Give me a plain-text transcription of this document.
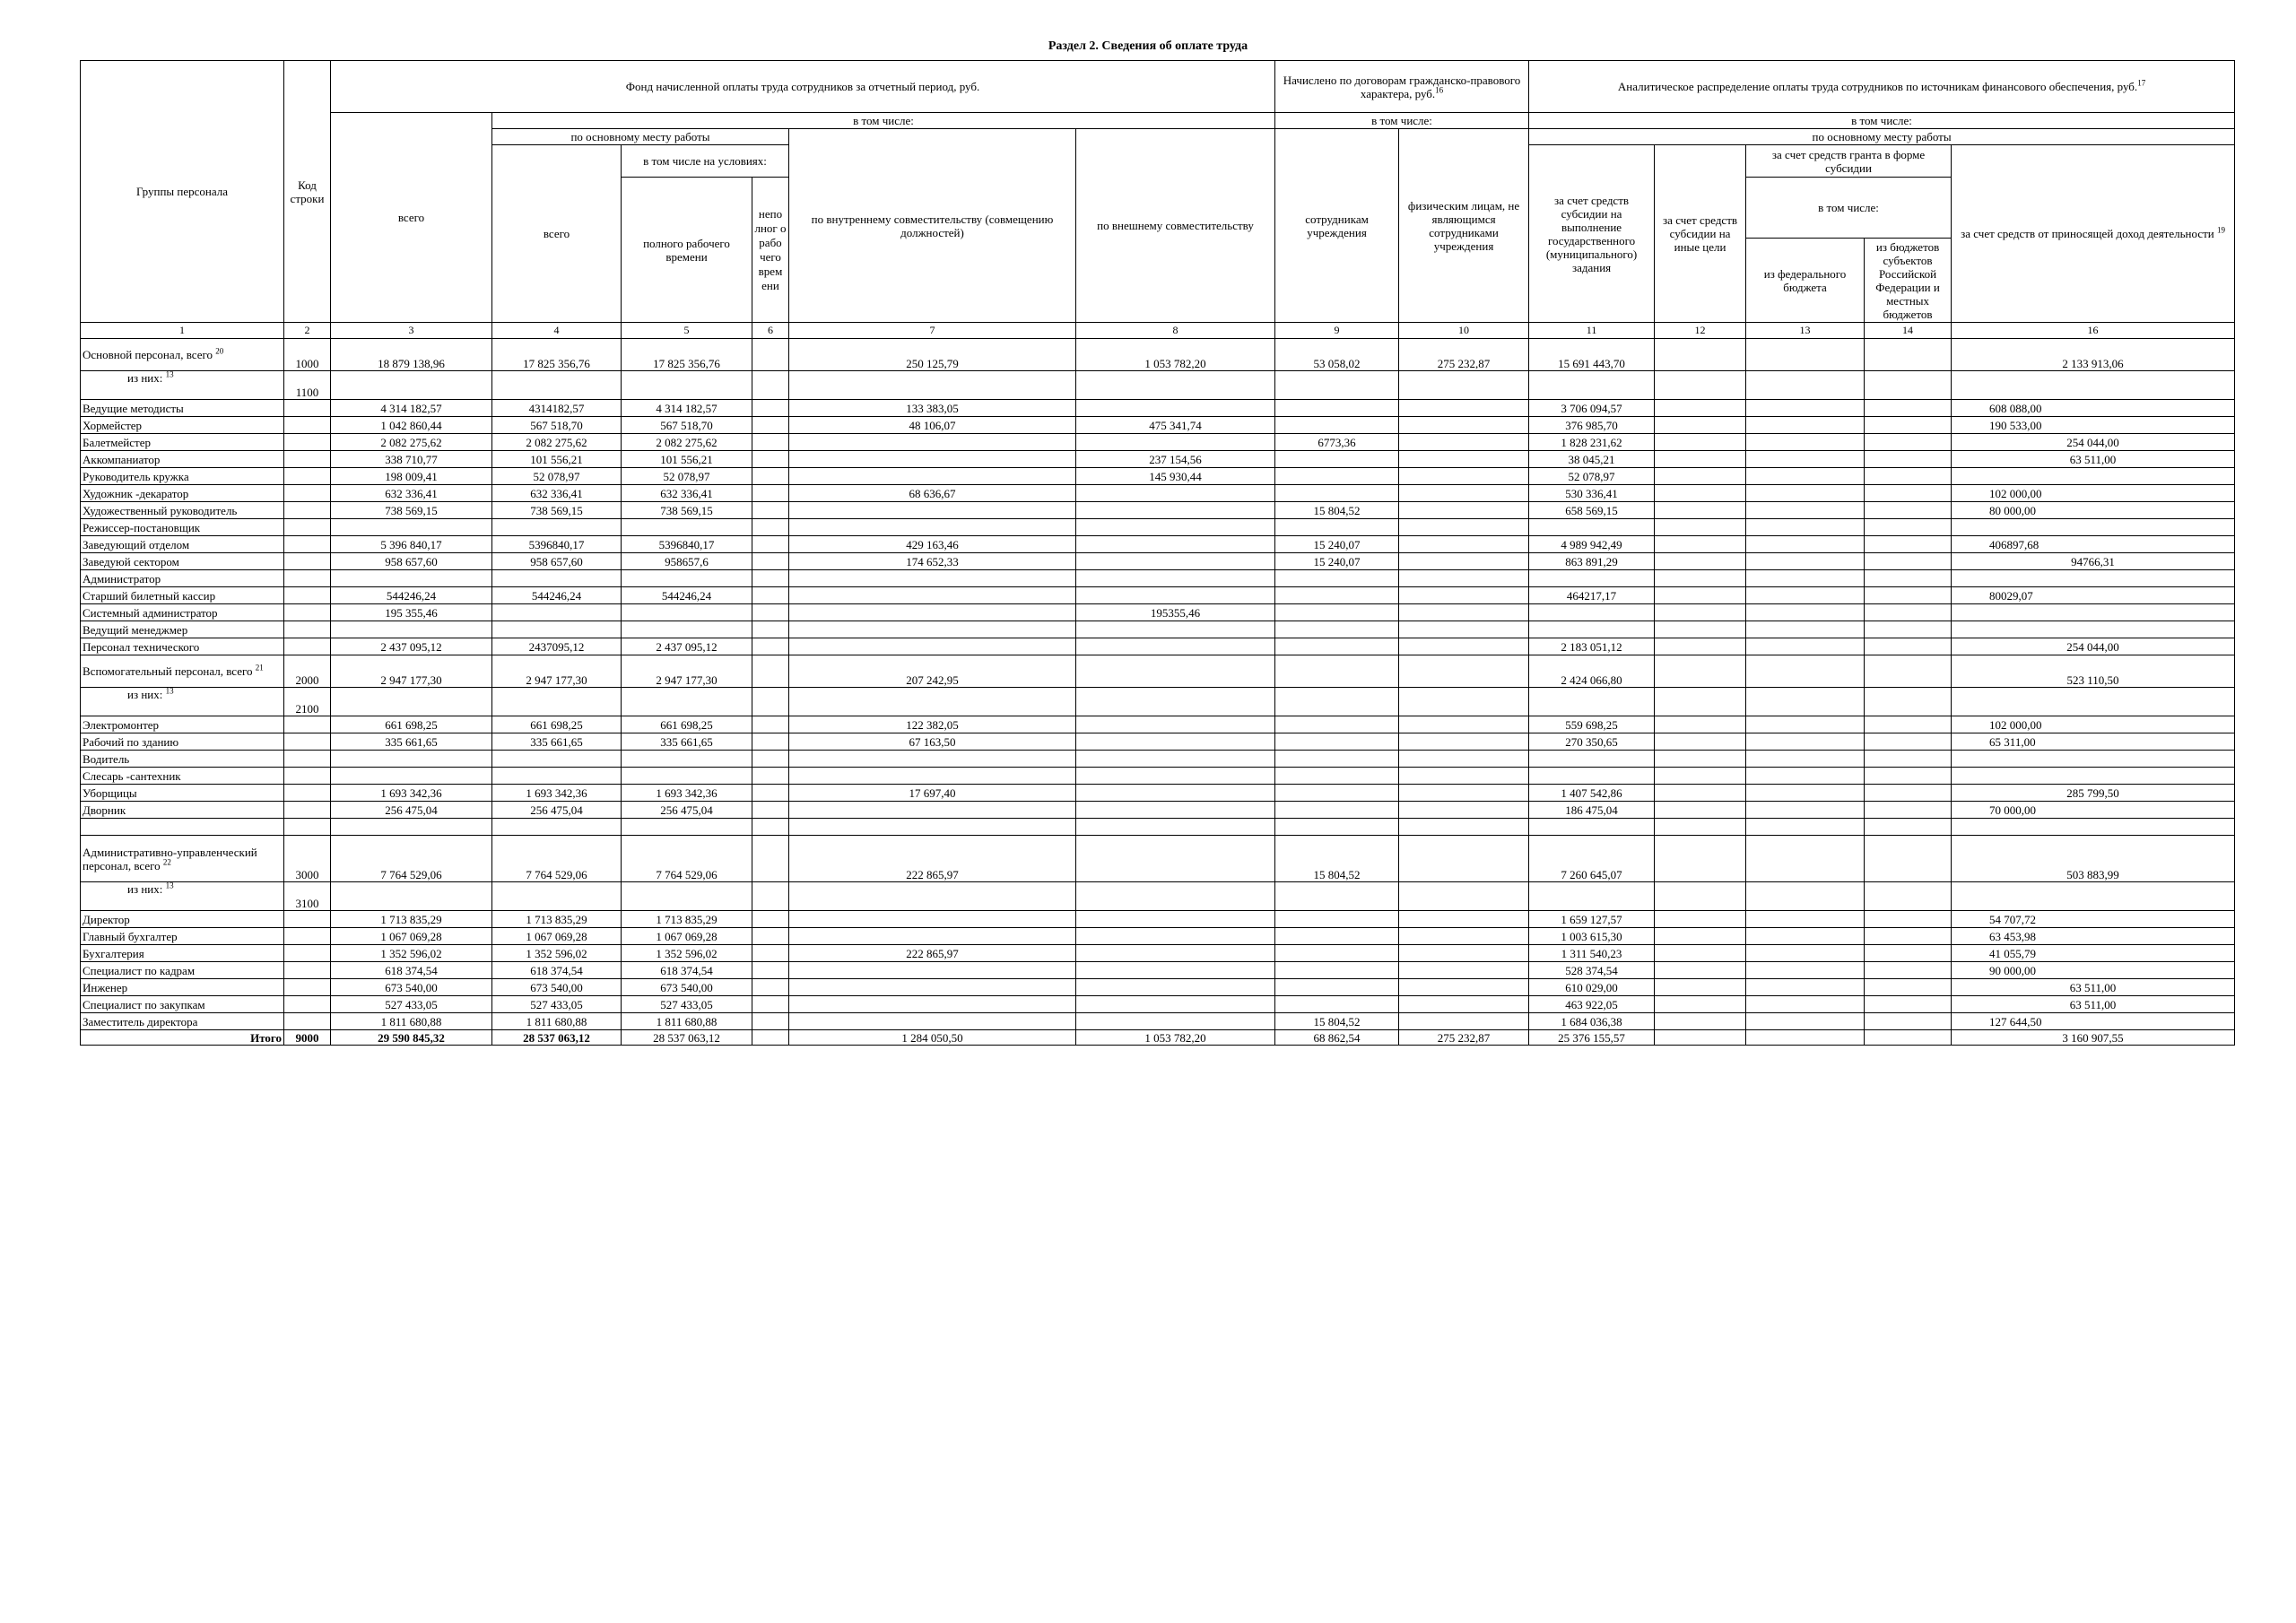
Раздел 2. Сведения об оплате труда
Группы персонала	Код строки	Фонд начисленной оплаты труда сотрудников за отчетный период, руб.						Начислено по договорам гражданско-правового характера, руб.$^{16}$		Аналитическое распределение оплаты труда сотрудников по источникам финансового обеспечения, руб.$^{17}$
		всего	в том числе:					в том числе:		в том числе:				
			по основному месту работы			по внутреннему совместительству (совмещению должностей)	по внешнему совместительству	сотрудникам учреждения	физическим лицам, не являющимся сотрудниками учреждения	по основному месту работы				
			всего	в том числе на условиях:						за счет средств субсидии на выполнение государственного (муниципального) задания	за счет средств субсидии на иные цели	за счет средств гранта в форме субсидии		за счет средств от приносящей доход деятельности $^{19}$

				полного рабочего времени	непо лног о рабо чего врем ени							в том числе:		
												из федерального бюджета	из бюджетов субъектов Российской Федерации и местных бюджетов	

1	2	3	4	5	6	7	8	9	10	11	12	13	14	16
Основной персонал, всего $^{20}$	1000	18 879 138,96	17 825 356,76	17 825 356,76		250 125,79	1 053 782,20	53 058,02	275 232,87	15 691 443,70				2 133 913,06
из них: $^{13}$	1100													
Ведущие методисты		4 314 182,57	4314182,57	4 314 182,57		133 383,05				3 706 094,57				608 088,00
Хормейстер		1 042 860,44	567 518,70	567 518,70		48 106,07	475 341,74			376 985,70				190 533,00
Балетмейстер		2 082 275,62	2 082 275,62	2 082 275,62				6773,36		1 828 231,62				254 044,00
Аккомпаниатор		338 710,77	101 556,21	101 556,21			237 154,56			38 045,21				63 511,00
Руководитель кружка		198 009,41	52 078,97	52 078,97			145 930,44			52 078,97				
Художник -декаратор		632 336,41	632 336,41	632 336,41		68 636,67				530 336,41				102 000,00
Художественный руководитель		738 569,15	738 569,15	738 569,15				15 804,52		658 569,15				80 000,00
Режиссер-постановщик														
Заведующий отделом		5 396 840,17	5396840,17	5396840,17		429 163,46		15 240,07		4 989 942,49				406897,68
Заведуюй сектором		958 657,60	958 657,60	958657,6		174 652,33		15 240,07		863 891,29				94766,31
Администратор														
Старший билетный кассир		544246,24	544246,24	544246,24						464217,17				80029,07
Системный администратор		195 355,46					195355,46							
Ведущий менеджмер														
Персонал технического		2 437 095,12	2437095,12	2 437 095,12						2 183 051,12				254 044,00
Вспомогательный персонал, всего $^{21}$	2000	2 947 177,30	2 947 177,30	2 947 177,30		207 242,95				2 424 066,80				523 110,50
из них: $^{13}$	2100													
Электромонтер		661 698,25	661 698,25	661 698,25		122 382,05				559 698,25				102 000,00
Рабочий по зданию		335 661,65	335 661,65	335 661,65		67 163,50				270 350,65				65 311,00
Водитель														
Слесарь -сантехник														
Уборщицы		1 693 342,36	1 693 342,36	1 693 342,36		17 697,40				1 407 542,86				285 799,50
Дворник		256 475,04	256 475,04	256 475,04						186 475,04				70 000,00

Административно-управленческий персонал, всего $^{22}$	3000	7 764 529,06	7 764 529,06	7 764 529,06		222 865,97		15 804,52		7 260 645,07				503 883,99
из них: $^{13}$	3100													
Директор		1 713 835,29	1 713 835,29	1 713 835,29						1 659 127,57				54 707,72
Главный бухгалтер		1 067 069,28	1 067 069,28	1 067 069,28						1 003 615,30				63 453,98
Бухгалтерия		1 352 596,02	1 352 596,02	1 352 596,02		222 865,97				1 311 540,23				41 055,79
Специалист по кадрам		618 374,54	618 374,54	618 374,54						528 374,54				90 000,00
Инженер		673 540,00	673 540,00	673 540,00						610 029,00				63 511,00
Специалист по закупкам		527 433,05	527 433,05	527 433,05						463 922,05				63 511,00
Заместитель директора		1 811 680,88	1 811 680,88	1 811 680,88				15 804,52		1 684 036,38				127 644,50
Итого	9000	29 590 845,32	28 537 063,12	28 537 063,12		1 284 050,50	1 053 782,20	68 862,54	275 232,87	25 376 155,57				3 160 907,55
